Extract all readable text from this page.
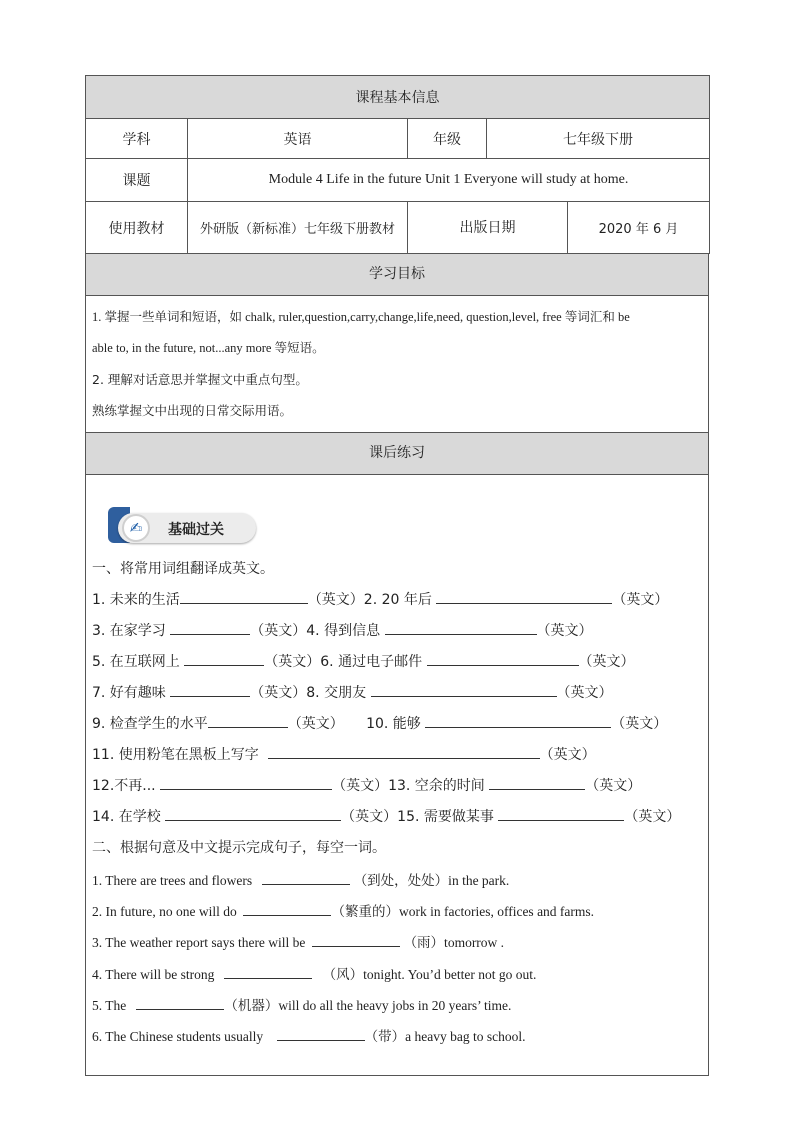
课程基本信息				
学科	英语	年级	七年级下册	
课题	Module 4 Life in the future Unit 1 Everyone will study at home.			
使用教材	外研版（新标准）七年级下册教材	出版日期		2020 年 6 月
学习目标
1. 掌握一些单词和短语，如 chalk, ruler,question,carry,change,life,need, question,level, free 等词汇和 be
able to, in the future, not...any more 等短语。
2. 理解对话意思并掌握文中重点句型。
熟练掌握文中出现的日常交际用语。
课后练习
✍	基础过关
一、将常用词组翻译成英文。
1. 未来的生活	（英文）2. 20 年后	（英文）
3. 在家学习	（英文）4. 得到信息	（英文）
5. 在互联网上	（英文）6. 通过电子邮件	（英文）
7. 好有趣味	（英文）8. 交朋友	（英文）
9. 检查学生的水平	（英文） 10. 能够	（英文）
11. 使用粉笔在黑板上写字	（英文）
12.不再...	（英文）13. 空余的时间	（英文）
14. 在学校	（英文）15. 需要做某事	（英文）
二、根据句意及中文提示完成句子，每空一词。
1. There are trees and flowers	（到处，处处）in the park.
2. In future, no one will do	（繁重的）work in factories, offices and farms.
3. The weather report says there will be	（雨）tomorrow .
4. There will be strong	（风）tonight. You’d better not go out.
5. The	（机器）will do all the heavy jobs in 20 years’ time.
6. The Chinese students usually	（带）a heavy bag to school.
